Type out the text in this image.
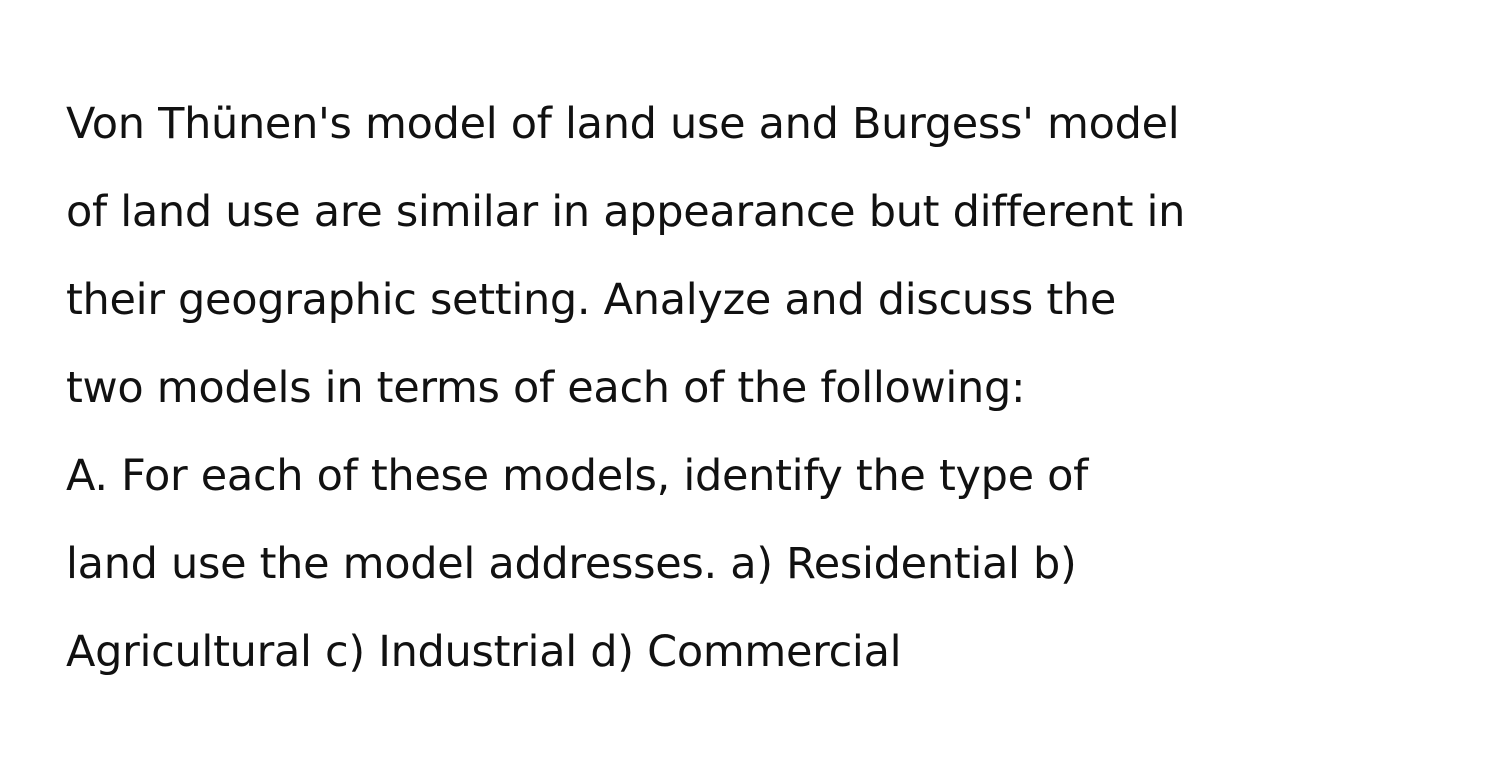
Von Thünen's model of land use and Burgess' model
of land use are similar in appearance but different in
their geographic setting. Analyze and discuss the
two models in terms of each of the following:
A. For each of these models, identify the type of
land use the model addresses. a) Residential b)
Agricultural c) Industrial d) Commercial
